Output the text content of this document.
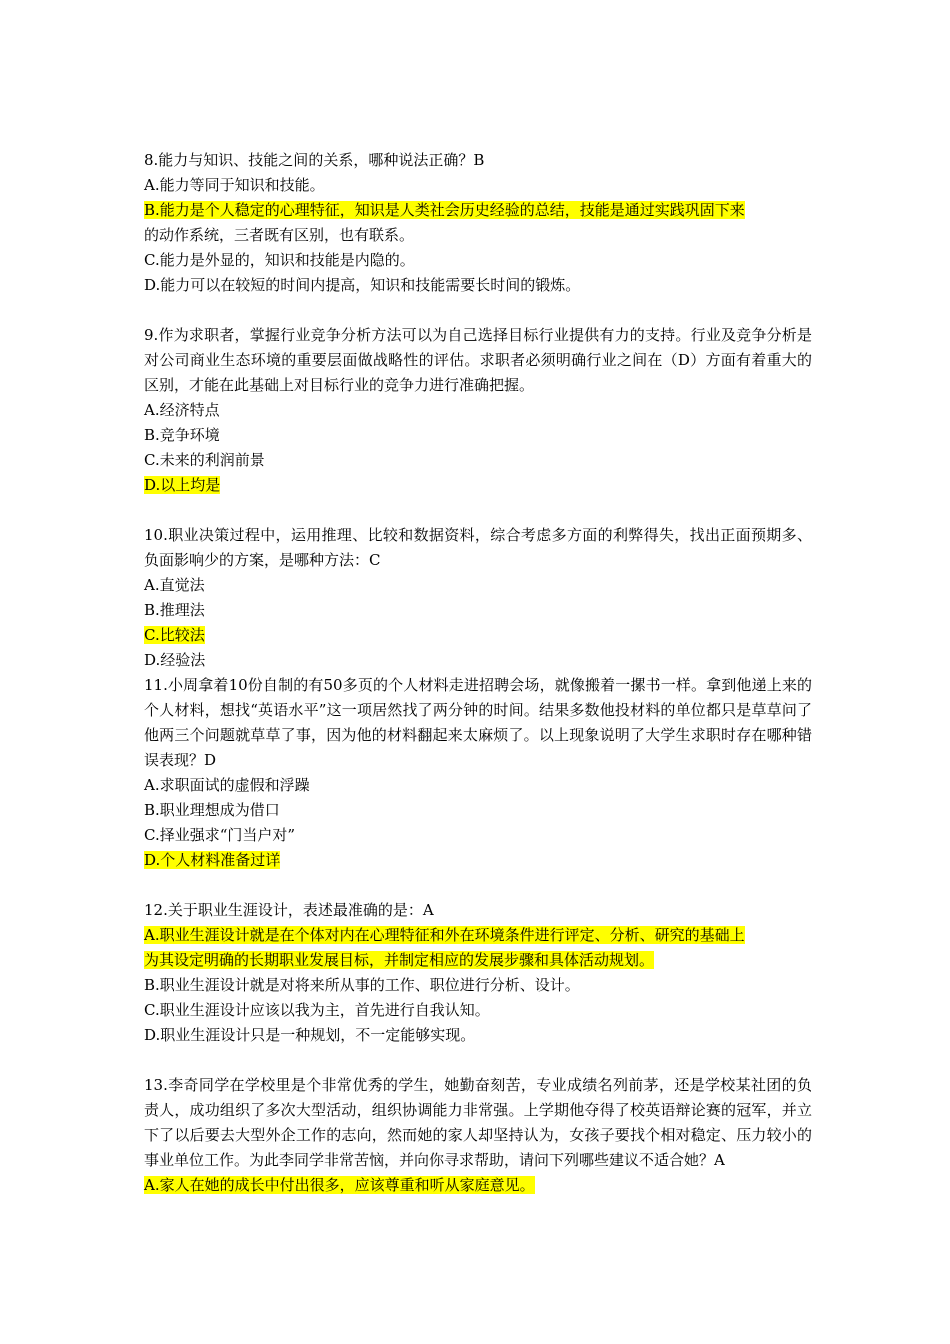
8.能力与知识、技能之间的关系，哪种说法正确？B

A.能力等同于知识和技能。

B.能力是个人稳定的心理特征，知识是人类社会历史经验的总结，技能是通过实践巩固下来
的动作系统，三者既有区别，也有联系。

C.能力是外显的，知识和技能是内隐的。

D.能力可以在较短的时间内提高，知识和技能需要长时间的锻炼。

9.作为求职者，掌握行业竞争分析方法可以为自己选择目标行业提供有力的支持。行业及竞争分析是对公司商业生态环境的重要层面做战略性的评估。求职者必须明确行业之间在（D）方面有着重大的区别，才能在此基础上对目标行业的竞争力进行准确把握。

A.经济特点

B.竞争环境

C.未来的利润前景

D.以上均是

10.职业决策过程中，运用推理、比较和数据资料，综合考虑多方面的利弊得失，找出正面预期多、负面影响少的方案，是哪种方法：C

A.直觉法

B.推理法

C.比较法

D.经验法

11.小周拿着10份自制的有50多页的个人材料走进招聘会场，就像搬着一摞书一样。拿到他递上来的个人材料，想找“英语水平”这一项居然找了两分钟的时间。结果多数他投材料的单位都只是草草问了他两三个问题就草草了事，因为他的材料翻起来太麻烦了。以上现象说明了大学生求职时存在哪种错误表现？D

A.求职面试的虚假和浮躁

B.职业理想成为借口

C.择业强求“门当户对”

D.个人材料准备过详

12.关于职业生涯设计，表述最准确的是：A

A.职业生涯设计就是在个体对内在心理特征和外在环境条件进行评定、分析、研究的基础上
为其设定明确的长期职业发展目标，并制定相应的发展步骤和具体活动规划。

B.职业生涯设计就是对将来所从事的工作、职位进行分析、设计。

C.职业生涯设计应该以我为主，首先进行自我认知。

D.职业生涯设计只是一种规划，不一定能够实现。

13.李奇同学在学校里是个非常优秀的学生，她勤奋刻苦，专业成绩名列前茅，还是学校某社团的负责人，成功组织了多次大型活动，组织协调能力非常强。上学期他夺得了校英语辩论赛的冠军，并立下了以后要去大型外企工作的志向，然而她的家人却坚持认为，女孩子要找个相对稳定、压力较小的事业单位工作。为此李同学非常苦恼，并向你寻求帮助，请问下列哪些建议不适合她？A

A.家人在她的成长中付出很多，应该尊重和听从家庭意见。
